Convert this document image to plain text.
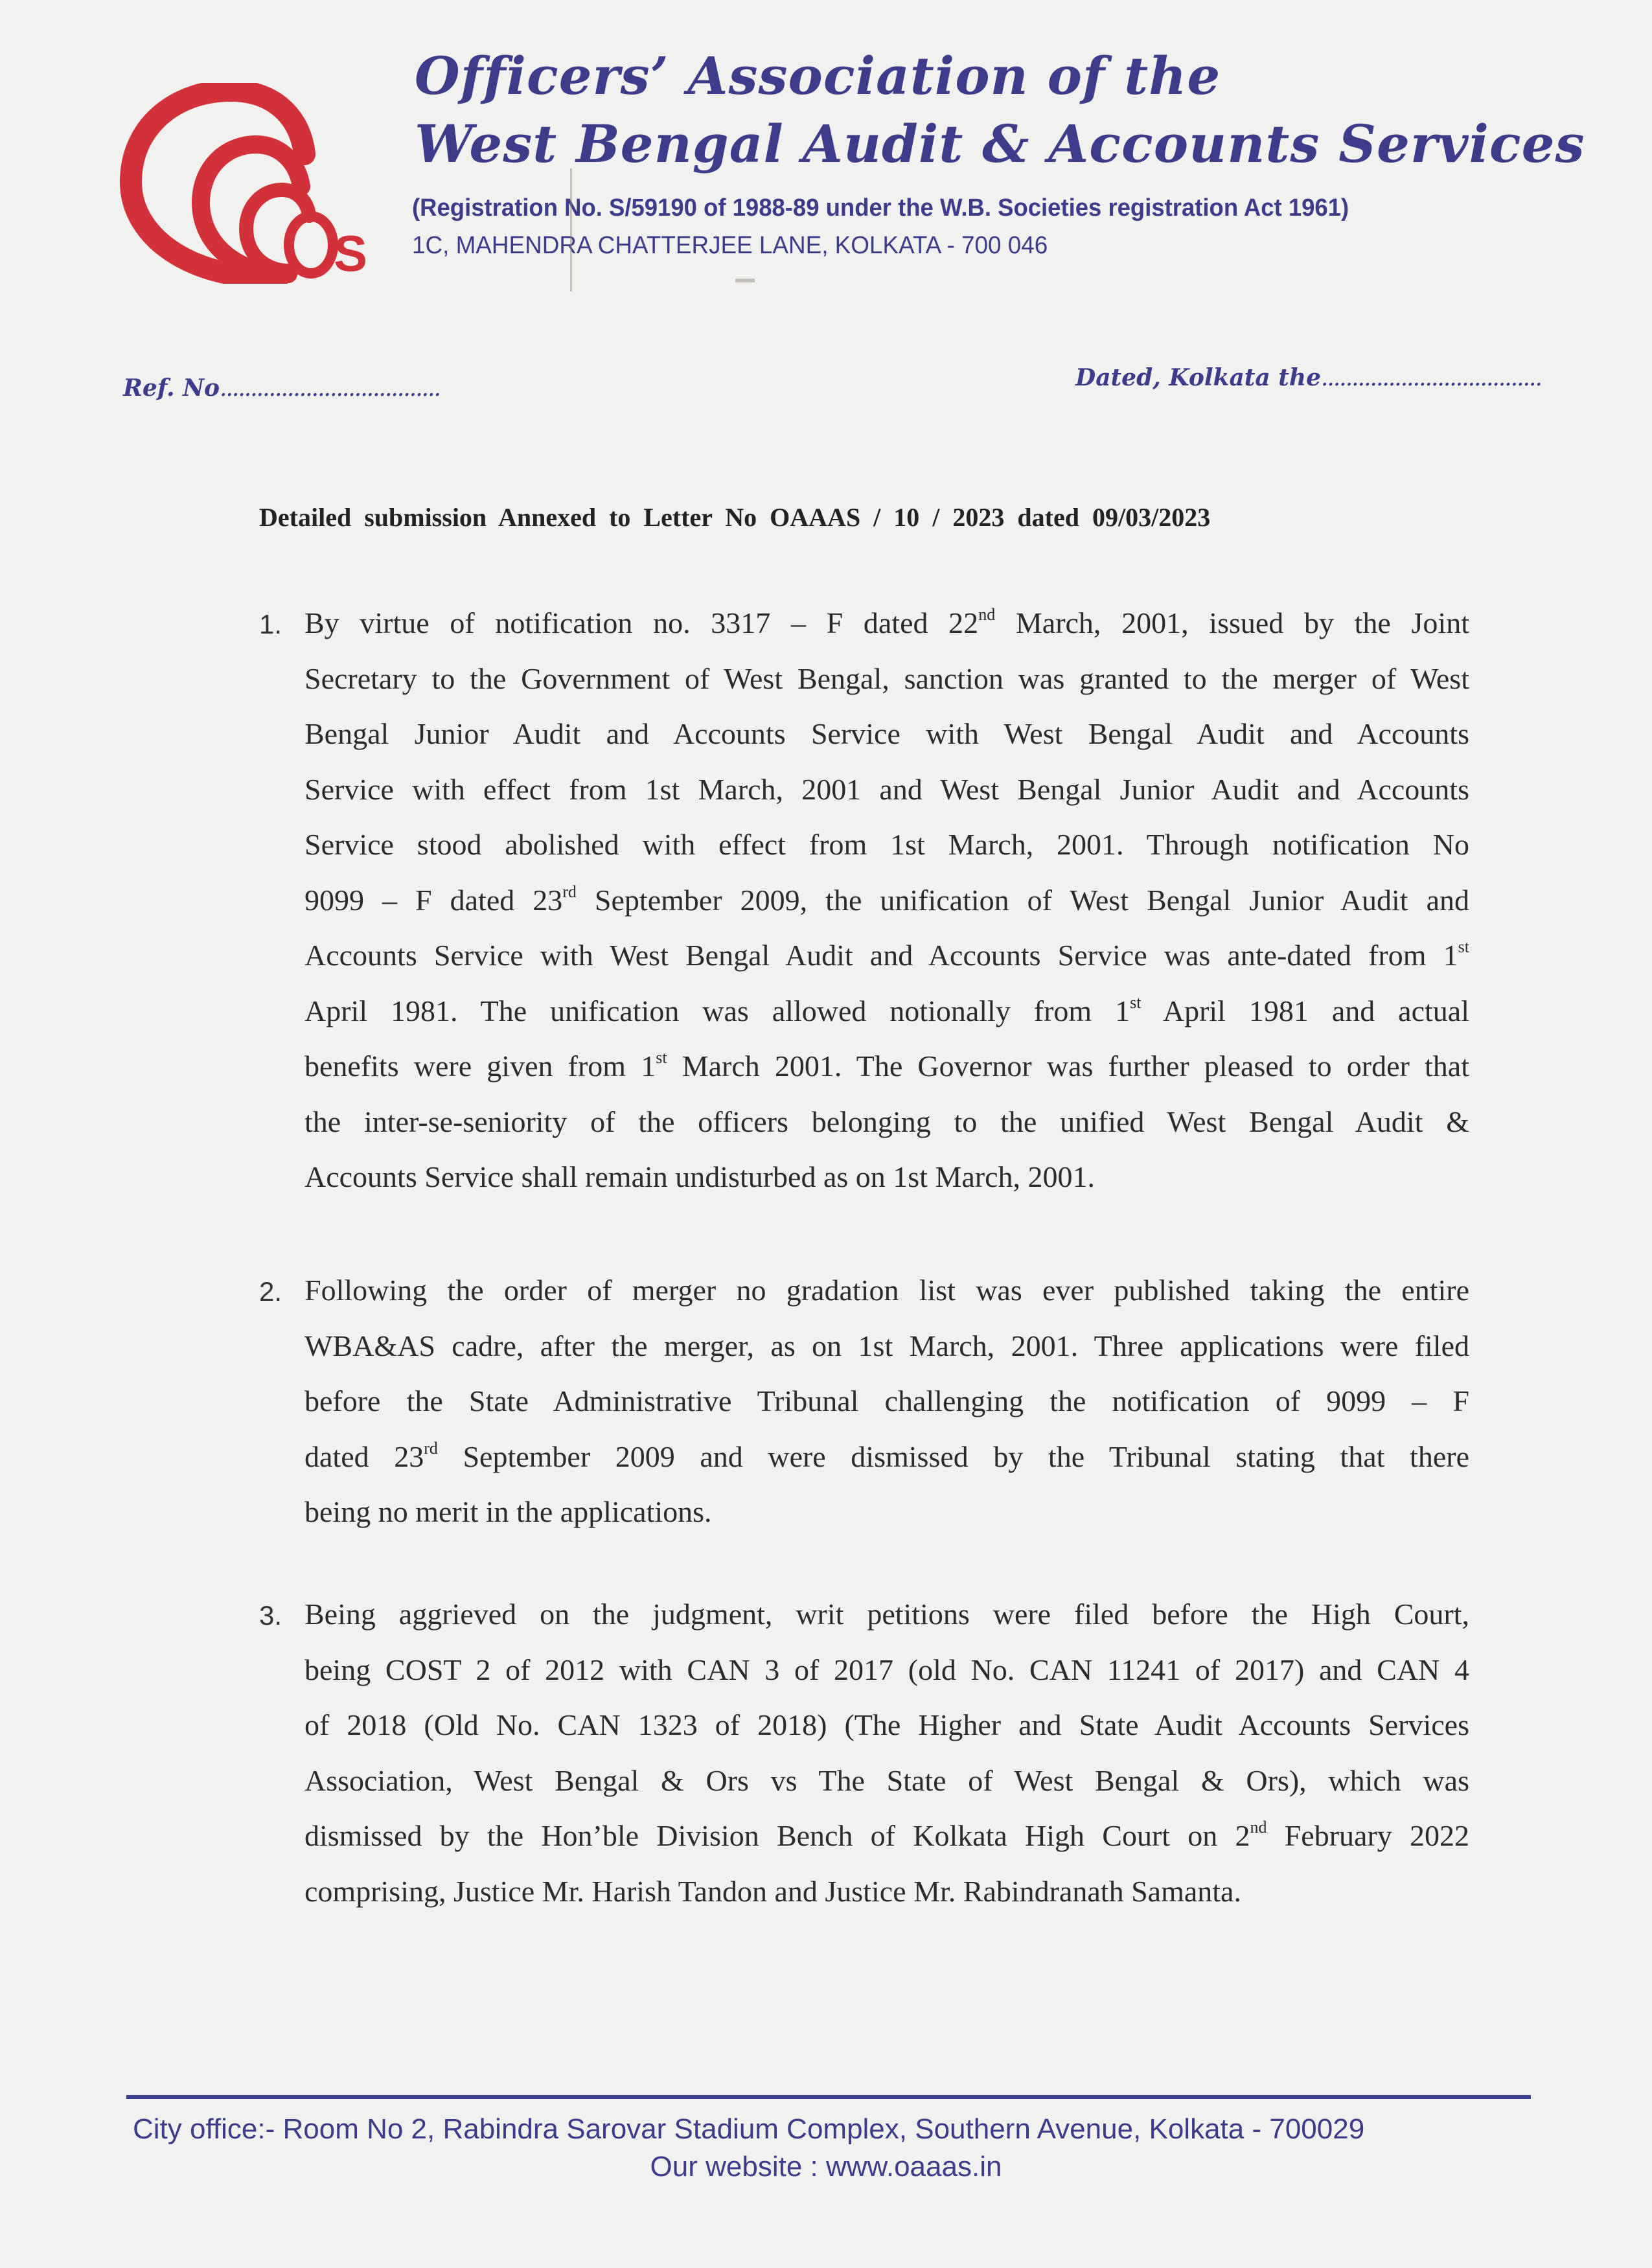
S
Officers’ Association of the
West Bengal Audit & Accounts Services
(Registration No. S/59190 of 1988-89 under the W.B. Societies registration Act 1961)
1C, MAHENDRA CHATTERJEE LANE, KOLKATA - 700 046
Ref. No....................................	Dated, Kolkata the....................................
Detailed submission Annexed to Letter No OAAAS / 10 / 2023 dated 09/03/2023
1. By virtue of notification no. 3317 – F dated 22nd March, 2001, issued by the Joint
Secretary to the Government of West Bengal, sanction was granted to the merger of West
Bengal Junior Audit and Accounts Service with West Bengal Audit and Accounts
Service with effect from 1st March, 2001 and West Bengal Junior Audit and Accounts
Service stood abolished with effect from 1st March, 2001. Through notification No
9099 – F dated 23rd September 2009, the unification of West Bengal Junior Audit and
Accounts Service with West Bengal Audit and Accounts Service was ante-dated from 1st
April 1981. The unification was allowed notionally from 1st April 1981 and actual
benefits were given from 1st March 2001. The Governor was further pleased to order that
the inter-se-seniority of the officers belonging to the unified West Bengal Audit &
Accounts Service shall remain undisturbed as on 1st March, 2001.
2. Following the order of merger no gradation list was ever published taking the entire
WBA&AS cadre, after the merger, as on 1st March, 2001. Three applications were filed
before the State Administrative Tribunal challenging the notification of 9099 – F
dated 23rd September 2009 and were dismissed by the Tribunal stating that there
being no merit in the applications.
3. Being aggrieved on the judgment, writ petitions were filed before the High Court,
being COST 2 of 2012 with CAN 3 of 2017 (old No. CAN 11241 of 2017) and CAN 4
of 2018 (Old No. CAN 1323 of 2018) (The Higher and State Audit Accounts Services
Association, West Bengal & Ors vs The State of West Bengal & Ors), which was
dismissed by the Hon’ble Division Bench of Kolkata High Court on 2nd February 2022
comprising, Justice Mr. Harish Tandon and Justice Mr. Rabindranath Samanta.
City office:- Room No 2, Rabindra Sarovar Stadium Complex, Southern Avenue, Kolkata - 700029
Our website : www.oaaas.in
